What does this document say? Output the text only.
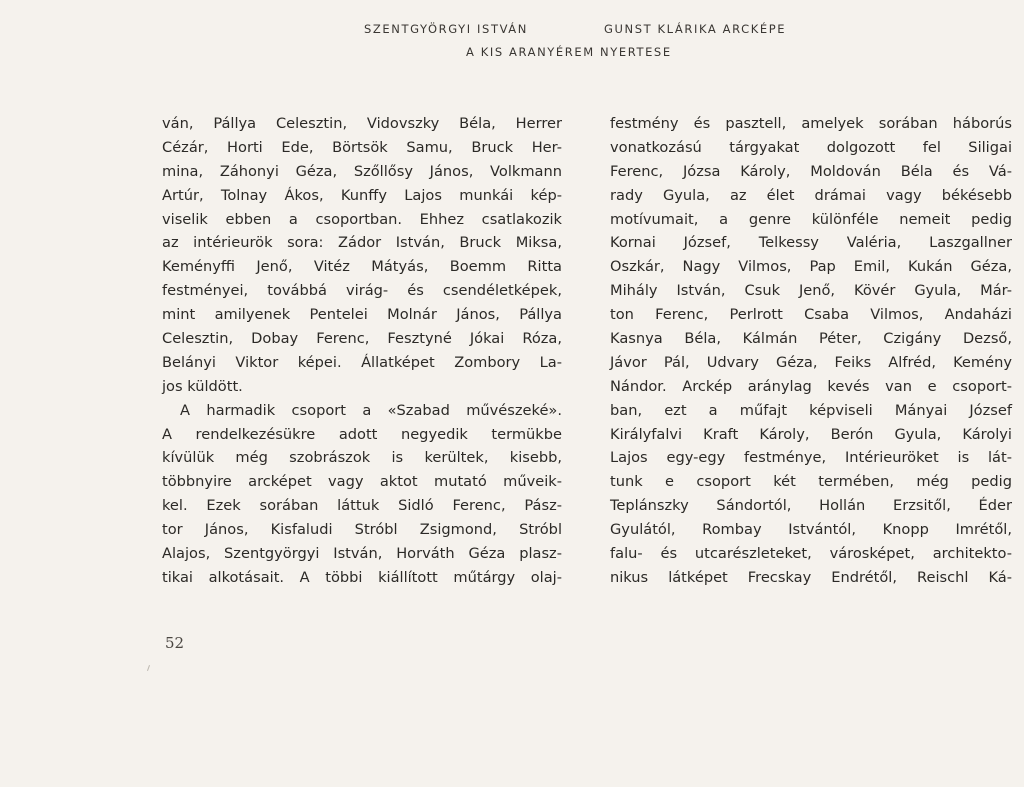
SZENTGYÖRGYI ISTVÁN	GUNST KLÁRIKA ARCKÉPE
A KIS ARANYÉREM NYERTESE
ván, Pállya Celesztin, Vidovszky Béla, Herrer
Cézár, Horti Ede, Börtsök Samu, Bruck Her-
mina, Záhonyi Géza, Szőllősy János, Volkmann
Artúr, Tolnay Ákos, Kunffy Lajos munkái kép-
viselik ebben a csoportban. Ehhez csatlakozik
az intérieurök sora: Zádor István, Bruck Miksa,
Keményffi Jenő, Vitéz Mátyás, Boemm Ritta
festményei, továbbá virág- és csendéletképek,
mint amilyenek Pentelei Molnár János, Pállya
Celesztin, Dobay Ferenc, Fesztyné Jókai Róza,
Belányi Viktor képei. Állatképet Zombory La-
jos küldött.
A harmadik csoport a «Szabad művészeké».
A rendelkezésükre adott negyedik termükbe
kívülük még szobrászok is kerültek, kisebb,
többnyire arcképet vagy aktot mutató műveik-
kel. Ezek sorában láttuk Sidló Ferenc, Pász-
tor János, Kisfaludi Stróbl Zsigmond, Stróbl
Alajos, Szentgyörgyi István, Horváth Géza plasz-
tikai alkotásait. A többi kiállított műtárgy olaj-
festmény és pasztell, amelyek sorában háborús
vonatkozású tárgyakat dolgozott fel Siligai
Ferenc, Józsa Károly, Moldován Béla és Vá-
rady Gyula, az élet drámai vagy békésebb
motívumait, a genre különféle nemeit pedig
Kornai József, Telkessy Valéria, Laszgallner
Oszkár, Nagy Vilmos, Pap Emil, Kukán Géza,
Mihály István, Csuk Jenő, Kövér Gyula, Már-
ton Ferenc, Perlrott Csaba Vilmos, Andaházi
Kasnya Béla, Kálmán Péter, Czigány Dezső,
Jávor Pál, Udvary Géza, Feiks Alfréd, Kemény
Nándor. Arckép aránylag kevés van e csoport-
ban, ezt a műfajt képviseli Mányai József
Királyfalvi Kraft Károly, Berón Gyula, Károlyi
Lajos egy-egy festménye, Intérieuröket is lát-
tunk e csoport két termében, még pedig
Teplánszky Sándortól, Hollán Erzsitől, Éder
Gyulától, Rombay Istvántól, Knopp Imrétől,
falu- és utcarészleteket, városképet, architekto-
nikus látképet Frecskay Endrétől, Reischl Ká-
52
